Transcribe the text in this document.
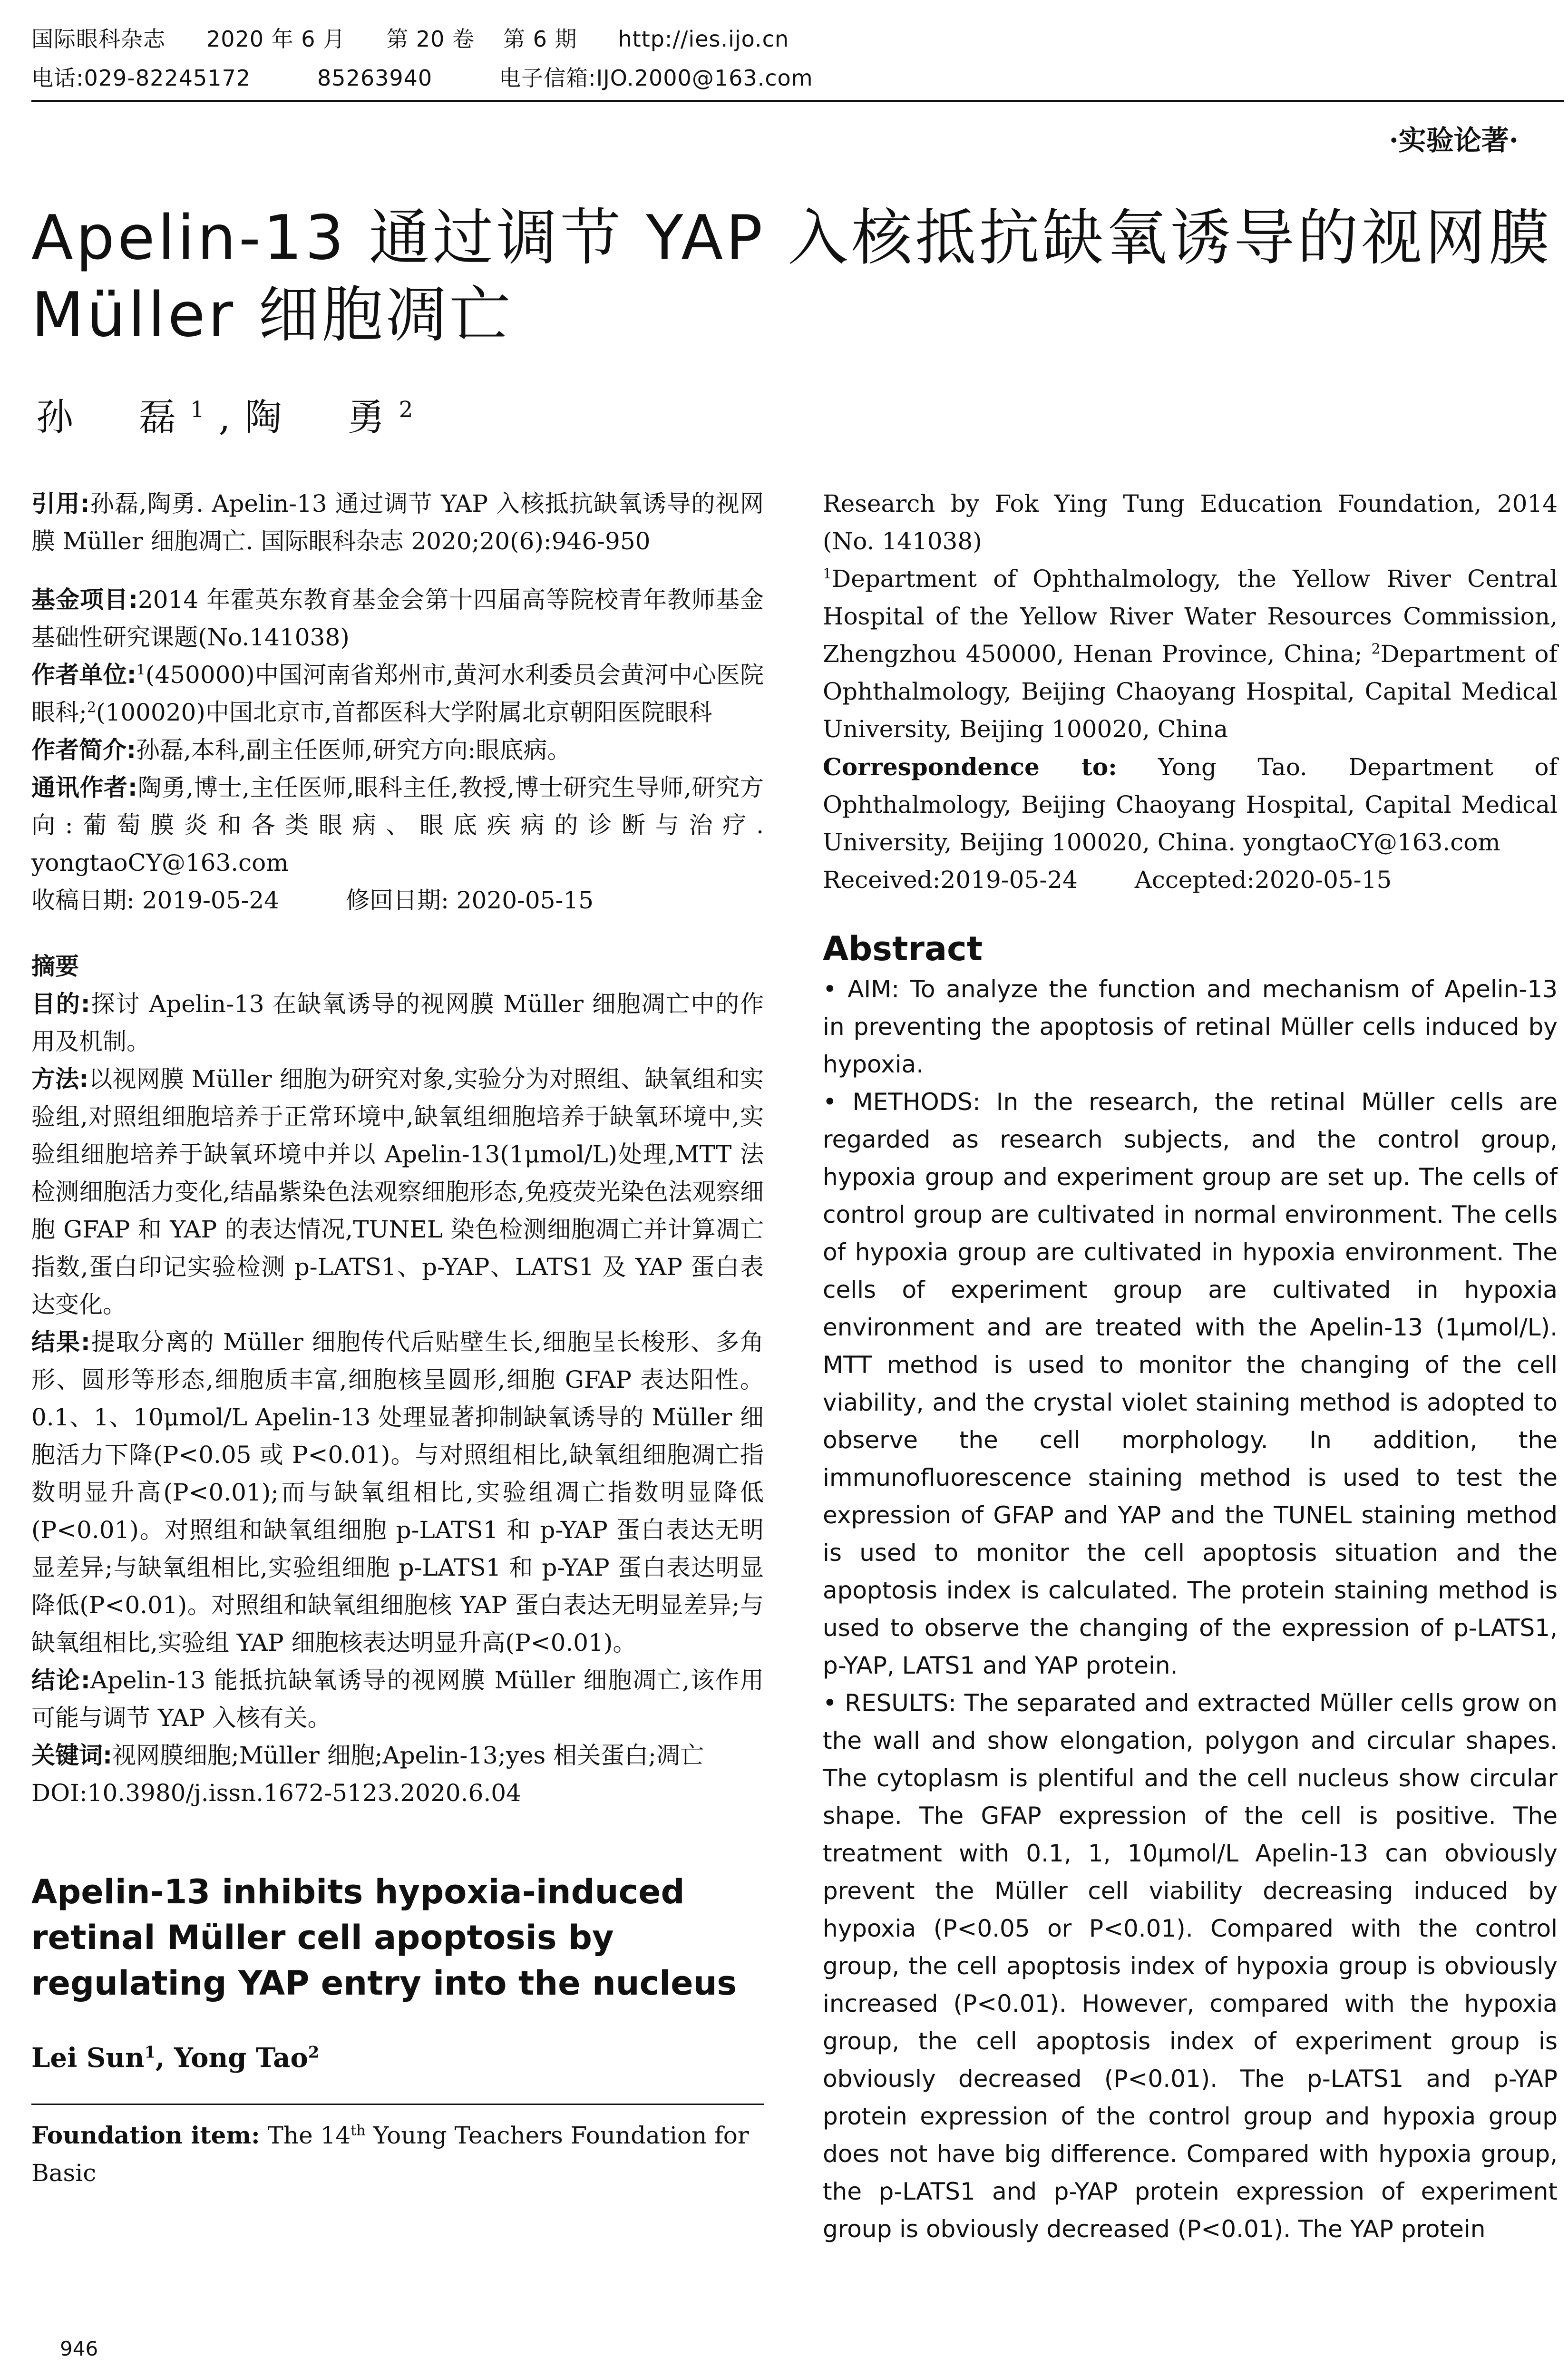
国际眼科杂志 2020 年 6 月 第 20 卷 第 6 期 http://ies.ijo.cn
电话:029-82245172	85263940	电子信箱:IJO.2000@163.com
·实验论著·
Apelin-13 通过调节 YAP 入核抵抗缺氧诱导的视网膜
Müller 细胞凋亡
孙　磊$^1$,陶　勇$^2$

引用:孙磊,陶勇. Apelin-13 通过调节 YAP 入核抵抗缺氧诱导的视网膜 Müller 细胞凋亡. 国际眼科杂志 2020;20(6):946-950

基金项目:2014 年霍英东教育基金会第十四届高等院校青年教师基金基础性研究课题(No.141038)

作者单位:$^1$(450000)中国河南省郑州市,黄河水利委员会黄河中心医院眼科;$^2$(100020)中国北京市,首都医科大学附属北京朝阳医院眼科

作者简介:孙磊,本科,副主任医师,研究方向:眼底病。

通讯作者:陶勇,博士,主任医师,眼科主任,教授,博士研究生导师,研究方向:葡萄膜炎和各类眼病、眼底疾病的诊断与治疗. yongtaoCY@163.com

收稿日期: 2019-05-24	修回日期: 2020-05-15

摘要

目的:探讨 Apelin-13 在缺氧诱导的视网膜 Müller 细胞凋亡中的作用及机制。

方法:以视网膜 Müller 细胞为研究对象,实验分为对照组、缺氧组和实验组,对照组细胞培养于正常环境中,缺氧组细胞培养于缺氧环境中,实验组细胞培养于缺氧环境中并以 Apelin-13(1μmol/L)处理,MTT 法检测细胞活力变化,结晶紫染色法观察细胞形态,免疫荧光染色法观察细胞 GFAP 和 YAP 的表达情况,TUNEL 染色检测细胞凋亡并计算凋亡指数,蛋白印记实验检测 p-LATS1、p-YAP、LATS1 及 YAP 蛋白表达变化。

结果:提取分离的 Müller 细胞传代后贴壁生长,细胞呈长梭形、多角形、圆形等形态,细胞质丰富,细胞核呈圆形,细胞 GFAP 表达阳性。0.1、1、10μmol/L Apelin-13 处理显著抑制缺氧诱导的 Müller 细胞活力下降(P<0.05 或 P<0.01)。与对照组相比,缺氧组细胞凋亡指数明显升高(P<0.01);而与缺氧组相比,实验组凋亡指数明显降低(P<0.01)。对照组和缺氧组细胞 p-LATS1 和 p-YAP 蛋白表达无明显差异;与缺氧组相比,实验组细胞 p-LATS1 和 p-YAP 蛋白表达明显降低(P<0.01)。对照组和缺氧组细胞核 YAP 蛋白表达无明显差异;与缺氧组相比,实验组 YAP 细胞核表达明显升高(P<0.01)。

结论:Apelin-13 能抵抗缺氧诱导的视网膜 Müller 细胞凋亡,该作用可能与调节 YAP 入核有关。

关键词:视网膜细胞;Müller 细胞;Apelin-13;yes 相关蛋白;凋亡

DOI:10.3980/j.issn.1672-5123.2020.6.04

Apelin-13 inhibits hypoxia-induced retinal Müller cell apoptosis by regulating YAP entry into the nucleus
Lei Sun$^1$, Yong Tao$^2$

Foundation item: The 14th Young Teachers Foundation for Basic

Research by Fok Ying Tung Education Foundation, 2014 (No. 141038)

$^1$Department of Ophthalmology, the Yellow River Central Hospital of the Yellow River Water Resources Commission, Zhengzhou 450000, Henan Province, China; $^2$Department of Ophthalmology, Beijing Chaoyang Hospital, Capital Medical University, Beijing 100020, China

Correspondence to: Yong Tao. Department of Ophthalmology, Beijing Chaoyang Hospital, Capital Medical University, Beijing 100020, China. yongtaoCY@163.com

Received:2019-05-24 Accepted:2020-05-15

Abstract

• AIM: To analyze the function and mechanism of Apelin-13 in preventing the apoptosis of retinal Müller cells induced by hypoxia.

• METHODS: In the research, the retinal Müller cells are regarded as research subjects, and the control group, hypoxia group and experiment group are set up. The cells of control group are cultivated in normal environment. The cells of hypoxia group are cultivated in hypoxia environment. The cells of experiment group are cultivated in hypoxia environment and are treated with the Apelin-13 (1μmol/L). MTT method is used to monitor the changing of the cell viability, and the crystal violet staining method is adopted to observe the cell morphology. In addition, the immunofluorescence staining method is used to test the expression of GFAP and YAP and the TUNEL staining method is used to monitor the cell apoptosis situation and the apoptosis index is calculated. The protein staining method is used to observe the changing of the expression of p-LATS1, p-YAP, LATS1 and YAP protein.

• RESULTS: The separated and extracted Müller cells grow on the wall and show elongation, polygon and circular shapes. The cytoplasm is plentiful and the cell nucleus show circular shape. The GFAP expression of the cell is positive. The treatment with 0.1, 1, 10μmol/L Apelin-13 can obviously prevent the Müller cell viability decreasing induced by hypoxia (P<0.05 or P<0.01). Compared with the control group, the cell apoptosis index of hypoxia group is obviously increased (P<0.01). However, compared with the hypoxia group, the cell apoptosis index of experiment group is obviously decreased (P<0.01). The p-LATS1 and p-YAP protein expression of the control group and hypoxia group does not have big difference. Compared with hypoxia group, the p-LATS1 and p-YAP protein expression of experiment group is obviously decreased (P<0.01). The YAP protein

946
